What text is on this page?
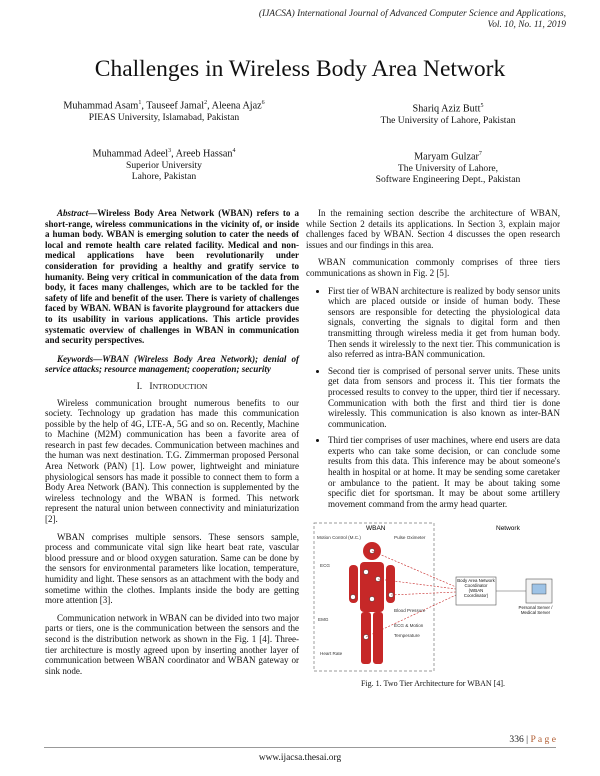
(IJACSA) International Journal of Advanced Computer Science and Applications,
Vol. 10, No. 11, 2019
Challenges in Wireless Body Area Network
Muhammad Asam$^1$, Tauseef Jamal$^2$, Aleena Ajaz$^6$
PIEAS University, Islamabad, Pakistan
Muhammad Adeel$^3$, Areeb Hassan$^4$
Superior University
Lahore, Pakistan
Shariq Aziz Butt$^5$
The University of Lahore, Pakistan
Maryam Gulzar$^7$
The University of Lahore,
Software Engineering Dept., Pakistan

Abstract—Wireless Body Area Network (WBAN) refers to a short-range, wireless communications in the vicinity of, or inside a human body. WBAN is emerging solution to cater the needs of local and remote health care related facility. Medical and non-medical applications have been revolutionarily under consideration for providing a healthy and gratify service to humanity. Being very critical in communication of the data from body, it faces many challenges, which are to be tackled for the safety of life and benefit of the user. There is variety of challenges faced by WBAN. WBAN is favorite playground for attackers due to its usability in various applications. This article provides systematic overview of challenges in WBAN in communication and security perspectives.

Keywords—WBAN (Wireless Body Area Network); denial of service attacks; resource management; cooperation; security

I. INTRODUCTION

Wireless communication brought numerous benefits to our society. Technology up gradation has made this communication possible by the help of 4G, LTE-A, 5G and so on. Recently, Machine to Machine (M2M) communication has been a favorite area of research in past few decades. Communication between machines and the human was next destination. T.G. Zimmerman proposed Personal Area Network (PAN) [1]. Low power, lightweight and miniature physiological sensors has made it possible to connect them to form a Body Area Network (BAN). This connection is supplemented by the wireless technology and the WBAN is formed. This network represent the natural union between connectivity and miniaturization [2].

WBAN comprises multiple sensors. These sensors sample, process and communicate vital sign like heart beat rate, vascular blood pressure and or blood oxygen saturation. Same can be done by the sensors for environmental parameters like location, temperature, humidity and light. These sensors as an attachment with the body and sometime within the clothes. Implants inside the body are getting more attention [3].

Communication network in WBAN can be divided into two major parts or tiers, one is the communication between the sensors and the second is the distribution network as shown in the Fig. 1 [4]. Three-tier architecture is mostly agreed upon by inserting another layer of communication between WBAN coordinator and WBAN gateway or sink node.

In the remaining section describe the architecture of WBAN, while Section 2 details its applications. In Section 3, explain major challenges faced by WBAN. Section 4 discusses the open research issues and our findings in this area.

WBAN communication commonly comprises of three tiers communications as shown in Fig. 2 [5].

• First tier of WBAN architecture is realized by body sensor units which are placed outside or inside of human body. These sensors are responsible for detecting the physiological data signals, converting the signals to digital form and then transmitting through wireless media it get from human body. Then sends it wirelessly to the next tier. This communication is also referred as intra-BAN communication.
• Second tier is comprised of personal server units. These units get data from sensors and process it. This tier formats the processed results to convey to the upper, third tier if necessary. Communication with both the first and third tier is done wirelessly. This communication is also known as inter-BAN communication.
• Third tier comprises of user machines, where end users are data experts who can take some decision, or can conclude some results from this data. This inference may be about someone's health in hospital or at home. It may be sending some caretaker or ambulance to the patient. It may be about taking some specific diet for sportsman. It may be about some artillery movement command from the army head quarter.
WBAN	Network
Motion Control (M.C.)	Pulse Oximeter
ECG
Blood Pressure
EMG
ECG & Motion
Temperature
Heart Rate
Body Area Network Coordinator (WBAN Coordinator)
Personal Server / Medical Server
Fig. 1. Two Tier Architecture for WBAN [4].
336 | P a g e
www.ijacsa.thesai.org
